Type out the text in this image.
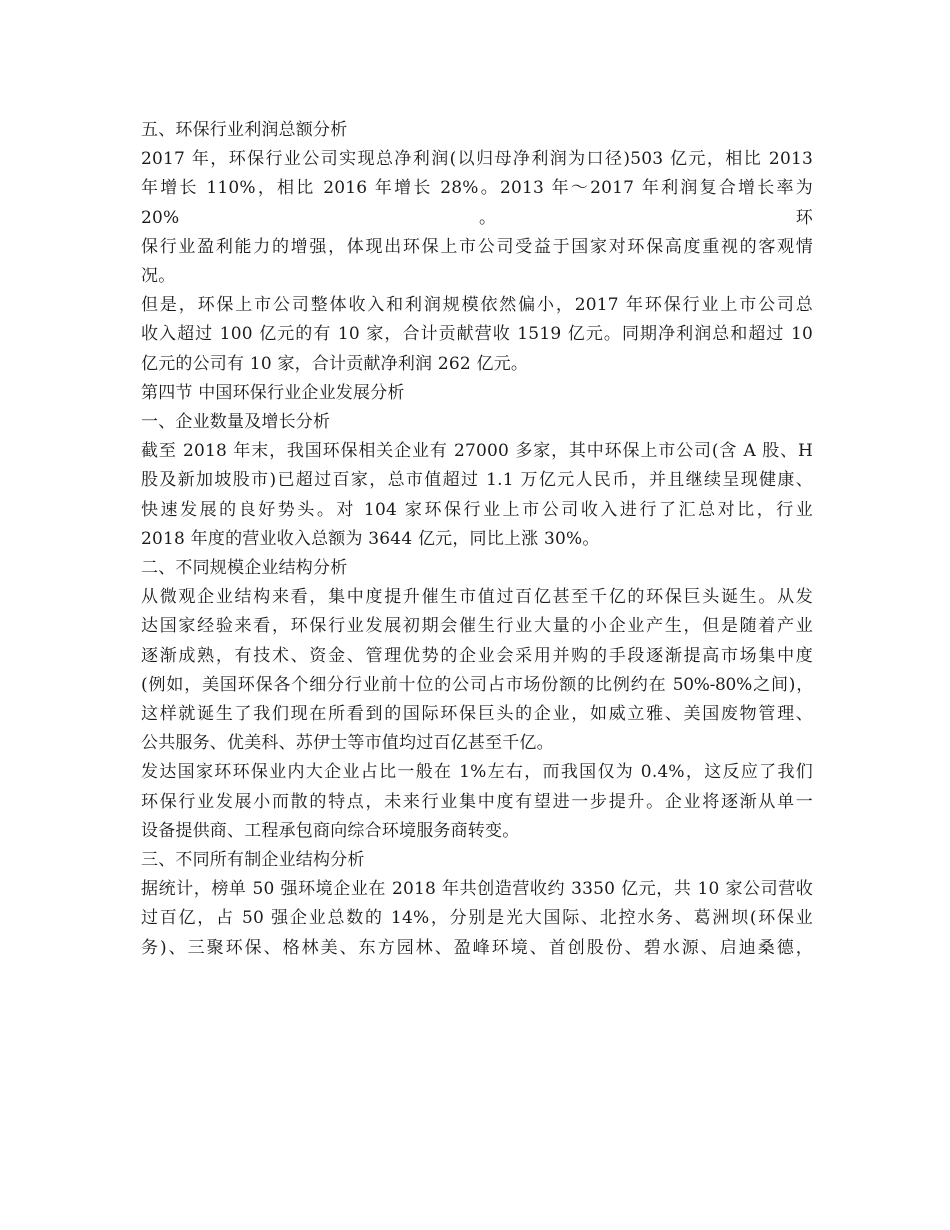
五、环保行业利润总额分析

2017 年，环保行业公司实现总净利润(以归母净利润为口径)503 亿元，相比 2013

年增长 110%，相比 2016 年增长 28%。2013 年～2017 年利润复合增长率为 20%。环

保行业盈利能力的增强，体现出环保上市公司受益于国家对环保高度重视的客观情

况。

但是，环保上市公司整体收入和利润规模依然偏小，2017 年环保行业上市公司总

收入超过 100 亿元的有 10 家，合计贡献营收 1519 亿元。同期净利润总和超过 10

亿元的公司有 10 家，合计贡献净利润 262 亿元。

第四节 中国环保行业企业发展分析

一、企业数量及增长分析

截至 2018 年末，我国环保相关企业有 27000 多家，其中环保上市公司(含 A 股、H

股及新加坡股市)已超过百家，总市值超过 1.1 万亿元人民币，并且继续呈现健康、

快速发展的良好势头。对 104 家环保行业上市公司收入进行了汇总对比，行业

2018 年度的营业收入总额为 3644 亿元，同比上涨 30%。

二、不同规模企业结构分析

从微观企业结构来看，集中度提升催生市值过百亿甚至千亿的环保巨头诞生。从发

达国家经验来看，环保行业发展初期会催生行业大量的小企业产生，但是随着产业

逐渐成熟，有技术、资金、管理优势的企业会采用并购的手段逐渐提高市场集中度

(例如，美国环保各个细分行业前十位的公司占市场份额的比例约在 50%-80%之间)，

这样就诞生了我们现在所看到的国际环保巨头的企业，如威立雅、美国废物管理、

公共服务、优美科、苏伊士等市值均过百亿甚至千亿。

发达国家环环保业内大企业占比一般在 1%左右，而我国仅为 0.4%，这反应了我们

环保行业发展小而散的特点，未来行业集中度有望进一步提升。企业将逐渐从单一

设备提供商、工程承包商向综合环境服务商转变。

三、不同所有制企业结构分析

据统计，榜单 50 强环境企业在 2018 年共创造营收约 3350 亿元，共 10 家公司营收

过百亿，占 50 强企业总数的 14%，分别是光大国际、北控水务、葛洲坝(环保业

务)、三聚环保、格林美、东方园林、盈峰环境、首创股份、碧水源、启迪桑德，
